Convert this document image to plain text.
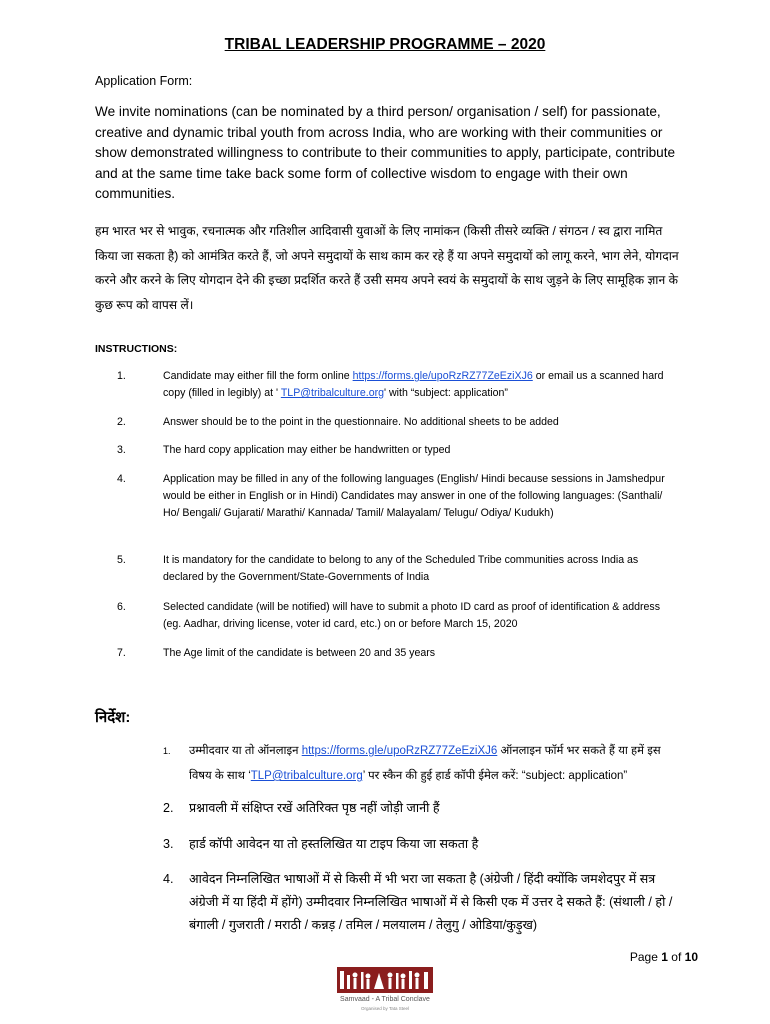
TRIBAL LEADERSHIP PROGRAMME – 2020
Application Form:
We invite nominations (can be nominated by a third person/ organisation / self) for passionate, creative and dynamic tribal youth from across India, who are working with their communities or show demonstrated willingness to contribute to their communities to apply, participate, contribute and at the same time take back some form of collective wisdom to engage with their own communities.
हम भारत भर से भावुक, रचनात्मक और गतिशील आदिवासी युवाओं के लिए नामांकन (किसी तीसरे व्यक्ति / संगठन / स्व द्वारा नामित किया जा सकता है) को आमंत्रित करते हैं, जो अपने समुदायों के साथ काम कर रहे हैं या अपने समुदायों को लागू करने, भाग लेने, योगदान करने और करने के लिए योगदान देने की इच्छा प्रदर्शित करते हैं उसी समय अपने स्वयं के समुदायों के साथ जुड़ने के लिए सामूहिक ज्ञान के कुछ रूप को वापस लें।
INSTRUCTIONS:
1.	Candidate may either fill the form online https://forms.gle/upoRzRZ77ZeEziXJ6 or email us a scanned hard copy (filled in legibly) at ' TLP@tribalculture.org' with “subject: application”
2.	Answer should be to the point in the questionnaire. No additional sheets to be added
3.	The hard copy application may either be handwritten or typed
4.	Application may be filled in any of the following languages (English/ Hindi because sessions in Jamshedpur would be either in English or in Hindi) Candidates may answer in one of the following languages: (Santhali/ Ho/ Bengali/ Gujarati/ Marathi/ Kannada/ Tamil/ Malayalam/ Telugu/ Odiya/ Kudukh)
5.	It is mandatory for the candidate to belong to any of the Scheduled Tribe communities across India as declared by the Government/State-Governments of India
6.	Selected candidate (will be notified) will have to submit a photo ID card as proof of identification & address (eg. Aadhar, driving license, voter id card, etc.) on or before March 15, 2020
7.	The Age limit of the candidate is between 20 and 35 years
निर्देश:
1. उम्मीदवार या तो ऑनलाइन https://forms.gle/upoRzRZ77ZeEziXJ6 ऑनलाइन फॉर्म भर सकते हैं या हमें इस विषय के साथ ‘TLP@tribalculture.org’ पर स्कैन की हुई हार्ड कॉपी ईमेल करें: “subject: application”
2. प्रश्नावली में संक्षिप्त रखें अतिरिक्त पृष्ठ नहीं जोड़ी जानी हैं
3. हार्ड कॉपी आवेदन या तो हस्तलिखित या टाइप किया जा सकता है
4. आवेदन निम्नलिखित भाषाओं में से किसी में भी भरा जा सकता है (अंग्रेजी / हिंदी क्योंकि जमशेदपुर में सत्र अंग्रेजी में या हिंदी में होंगे) उम्मीदवार निम्नलिखित भाषाओं में से किसी एक में उत्तर दे सकते हैं: (संथाली / हो / बंगाली / गुजराती / मराठी / कन्नड़ / तमिल / मलयालम / तेलुगु / ओडिया/कुड़ुख)
Page 1 of 10
Samvaad - A Tribal Conclave
Organised by Tata Steel
